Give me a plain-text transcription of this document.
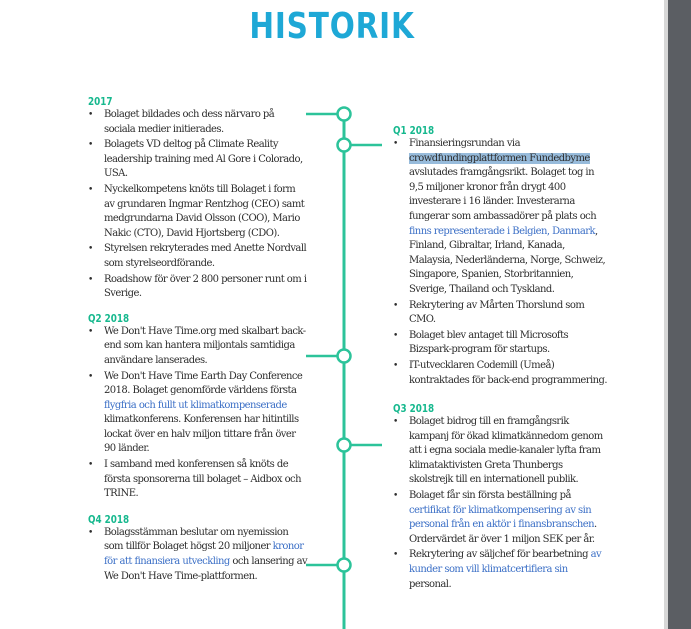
HISTORIK
2017
• Bolaget bildades och dess närvaro på sociala medier initierades.
• Bolagets VD deltog på Climate Reality leadership training med Al Gore i Colorado, USA.
• Nyckelkompetens knöts till Bolaget i form av grundaren Ingmar Rentzhog (CEO) samt medgrundarna David Olsson (COO), Mario Nakic (CTO), David Hjortsberg (CDO).
• Styrelsen rekryterades med Anette Nordvall som styrelseordförande.
• Roadshow för över 2 800 personer runt om i Sverige.
Q2 2018
• We Don't Have Time.org med skalbart back-end som kan hantera miljontals samtidiga användare lanserades.
• We Don't Have Time Earth Day Conference 2018. Bolaget genomförde världens första flygfria och fullt ut klimatkompenserade klimatkonferens. Konferensen har hitintills lockat över en halv miljon tittare från över 90 länder.
• I samband med konferensen så knöts de första sponsorerna till bolaget – Aidbox och TRINE.
Q4 2018
• Bolagsstämman beslutar om nyemission som tillför Bolaget högst 20 miljoner kronor för att finansiera utveckling och lansering av We Don't Have Time-plattformen.
Q1 2018
• Finansieringsrundan via crowdfundingplattformen Fundedbyme avslutades framgångsrikt. Bolaget tog in 9,5 miljoner kronor från drygt 400 investerare i 16 länder. Investerarna fungerar som ambassadörer på plats och finns representerade i Belgien, Danmark, Finland, Gibraltar, Irland, Kanada, Malaysia, Nederländerna, Norge, Schweiz, Singapore, Spanien, Storbritannien, Sverige, Thailand och Tyskland.
• Rekrytering av Mårten Thorslund som CMO.
• Bolaget blev antaget till Microsofts Bizspark-program för startups.
• IT-utvecklaren Codemill (Umeå) kontraktades för back-end programmering.
Q3 2018
• Bolaget bidrog till en framgångsrik kampanj för ökad klimatkännedom genom att i egna sociala medie-kanaler lyfta fram klimataktivisten Greta Thunbergs skolstrejk till en internationell publik.
• Bolaget får sin första beställning på certifikat för klimatkompensering av sin personal från en aktör i finansbranschen. Ordervärdet är över 1 miljon SEK per år.
• Rekrytering av säljchef för bearbetning av kunder som vill klimatcertifiera sin personal.
